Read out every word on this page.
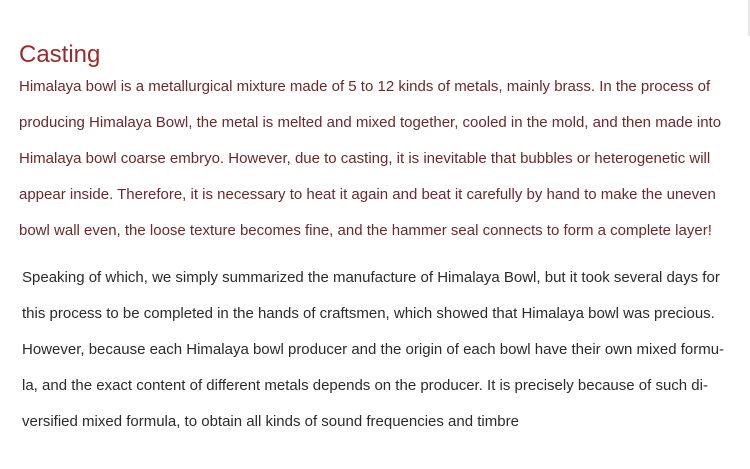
Casting

Himalaya bowl is a metallurgical mixture made of 5 to 12 kinds of metals, mainly brass. In the process of
producing Himalaya Bowl, the metal is melted and mixed together, cooled in the mold, and then made into
Himalaya bowl coarse embryo. However, due to casting, it is inevitable that bubbles or heterogenetic will
appear inside. Therefore, it is necessary to heat it again and beat it carefully by hand to make the uneven
bowl wall even, the loose texture becomes fine, and the hammer seal connects to form a complete layer!

Speaking of which, we simply summarized the manufacture of Himalaya Bowl, but it took several days for
this process to be completed in the hands of craftsmen, which showed that Himalaya bowl was precious.
However, because each Himalaya bowl producer and the origin of each bowl have their own mixed formu-
la, and the exact content of different metals depends on the producer. It is precisely because of such di-
versified mixed formula, to obtain all kinds of sound frequencies and timbre
